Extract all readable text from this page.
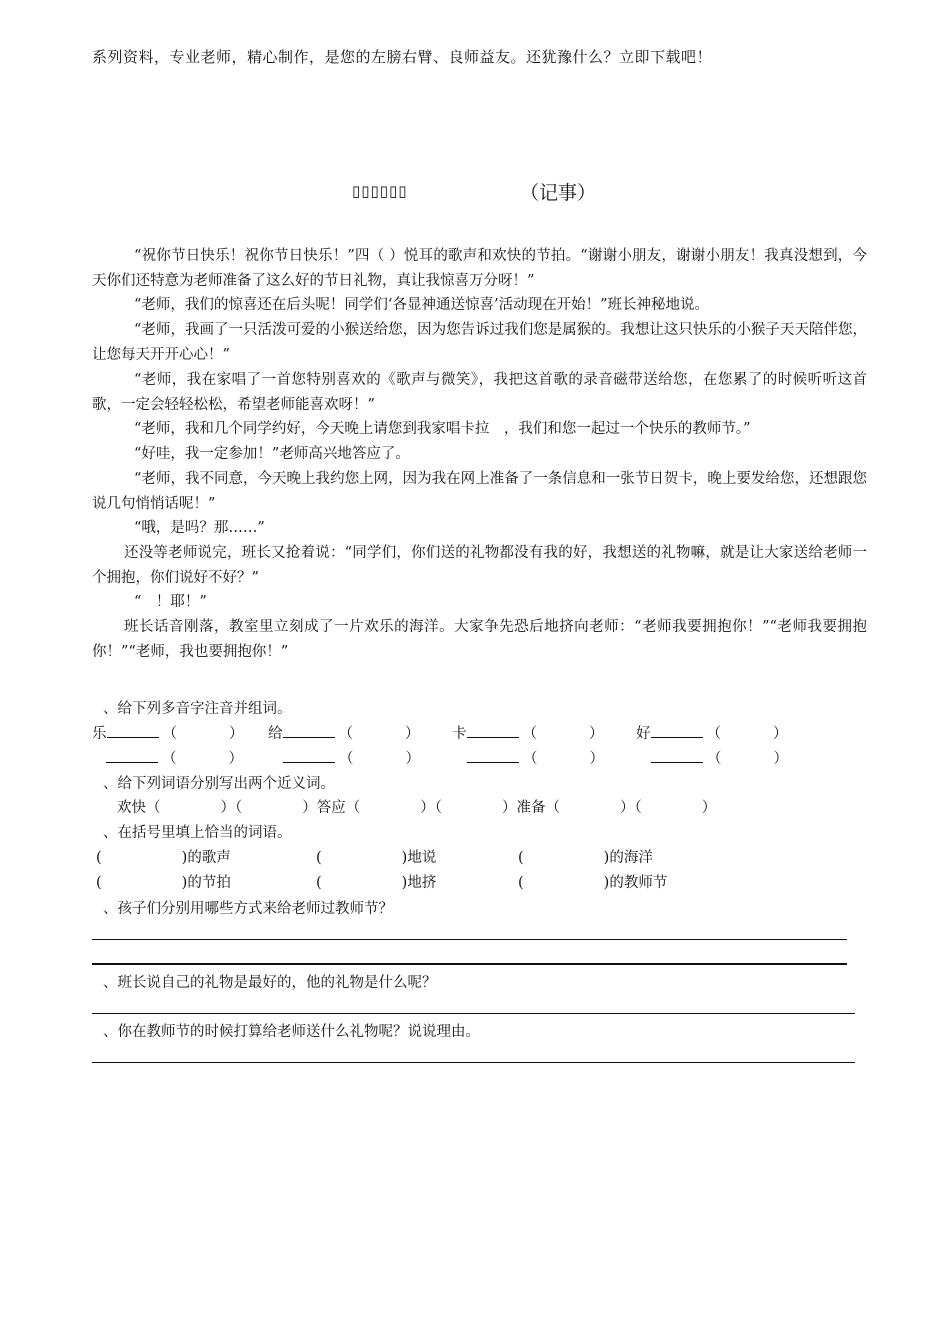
系列资料，专业老师，精心制作，是您的左膀右臂、良师益友。还犹豫什么？立即下载吧！
▯▯▯▯▯▯	（记事）
“祝你节日快乐！祝你节日快乐！”四（ ）悦耳的歌声和欢快的节拍。“谢谢小朋友，谢谢小朋友！我真没想到，今天你们还特意为老师准备了这么好的节日礼物，真让我惊喜万分呀！”
“老师，我们的惊喜还在后头呢！同学们‘各显神通送惊喜’活动现在开始！”班长神秘地说。
“老师，我画了一只活泼可爱的小猴送给您，因为您告诉过我们您是属猴的。我想让这只快乐的小猴子天天陪伴您，让您每天开开心心！”
“老师，我在家唱了一首您特别喜欢的《歌声与微笑》，我把这首歌的录音磁带送给您，在您累了的时候听听这首歌，一定会轻轻松松，希望老师能喜欢呀！”
“老师，我和几个同学约好，今天晚上请您到我家唱卡拉　，我们和您一起过一个快乐的教师节。”
“好哇，我一定参加！”老师高兴地答应了。
“老师，我不同意，今天晚上我约您上网，因为我在网上准备了一条信息和一张节日贺卡，晚上要发给您，还想跟您说几句悄悄话呢！”
“哦，是吗？那……”
还没等老师说完，班长又抢着说：“同学们，你们送的礼物都没有我的好，我想送的礼物嘛，就是让大家送给老师一个拥抱，你们说好不好？”
“　！耶！”
班长话音刚落，教室里立刻成了一片欢乐的海洋。大家争先恐后地挤向老师：“老师我要拥抱你！”“老师我要拥抱你！”“老师，我也要拥抱你！”
、给下列多音字注音并组词。
乐	（	） 给	（	） 卡	（	） 好	（	）
（	）	（	）	（	）	（	）
、给下列词语分别写出两个近义词。
欢快（	）（	）答应（	）（	）准备（	）（	）
、在括号里填上恰当的词语。
(	)的歌声	(	)地说	(	)的海洋
(	)的节拍	(	)地挤	(	)的教师节
、孩子们分别用哪些方式来给老师过教师节？
、班长说自己的礼物是最好的，他的礼物是什么呢？
、你在教师节的时候打算给老师送什么礼物呢？说说理由。
